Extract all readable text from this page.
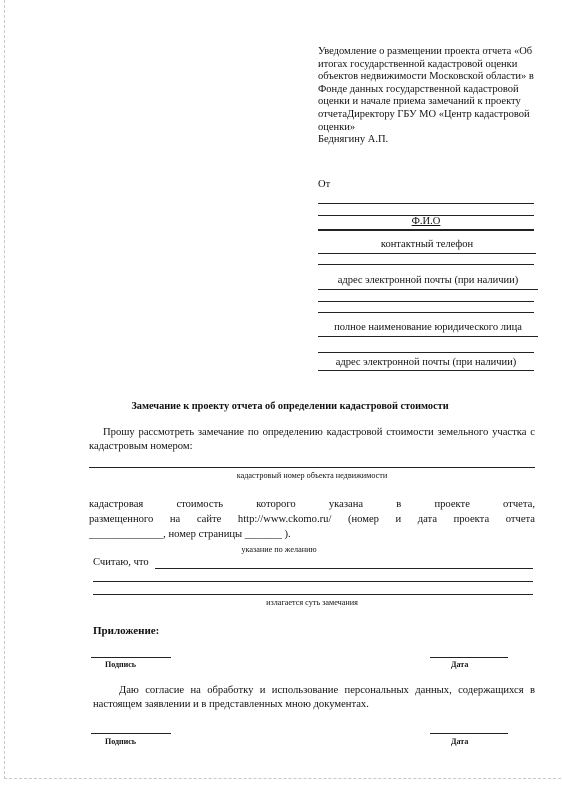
Уведомление о размещении проекта отчета «Об итогах государственной кадастровой оценки объектов недвижимости Московской области» в Фонде данных государственной кадастровой оценки и начале приема замечаний к проекту отчетаДиректору ГБУ МО «Центр кадастровой оценки»
Беднягину А.П.
От
Ф.И.О
контактный телефон
адрес электронной почты (при наличии)
полное наименование юридического лица
адрес электронной почты (при наличии)
Замечание к проекту отчета об определении кадастровой стоимости
Прошу рассмотреть замечание по определению кадастровой стоимости земельного участка с кадастровым номером:
кадастровый номер объекта недвижимости
кадастровая стоимость которого указана в проекте отчета,
размещенного на сайте http://www.ckomo.ru/ (номер и дата проекта отчета
______________, номер страницы _______ ).
указание по желанию
Считаю, что
излагается суть замечания
Приложение:
Подпись	Дата
Даю согласие на обработку и использование персональных данных, содержащихся в настоящем заявлении и в представленных мною документах.
Подпись	Дата
